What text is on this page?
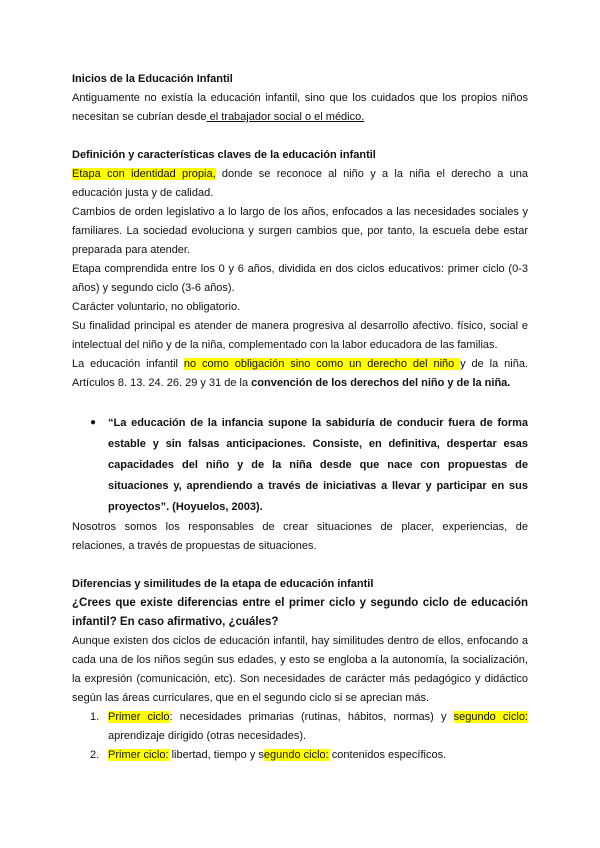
Inicios de la Educación Infantil

Antiguamente no existía la educación infantil, sino que los cuidados que los propios niños necesitan se cubrían desde el trabajador social o el médico.

Definición y características claves de la educación infantil

Etapa con identidad propia, donde se reconoce al niño y a la niña el derecho a una educación justa y de calidad.

Cambios de orden legislativo a lo largo de los años, enfocados a las necesidades sociales y familiares. La sociedad evoluciona y surgen cambios que, por tanto, la escuela debe estar preparada para atender.

Etapa comprendida entre los 0 y 6 años, dividida en dos ciclos educativos: primer ciclo (0-3 años) y segundo ciclo (3-6 años).

Carácter voluntario, no obligatorio.

Su finalidad principal es atender de manera progresiva al desarrollo afectivo. físico, social e intelectual del niño y de la niña, complementado con la labor educadora de las familias.

La educación infantil no como obligación sino como un derecho del niño y de la niña. Artículos 8. 13. 24. 26. 29 y 31 de la convención de los derechos del niño y de la niña.

●	“La educación de la infancia supone la sabiduría de conducir fuera de forma estable y sin falsas anticipaciones. Consiste, en definitiva, despertar esas capacidades del niño y de la niña desde que nace con propuestas de situaciones y, aprendiendo a través de iniciativas a llevar y participar en sus proyectos”. (Hoyuelos, 2003).

Nosotros somos los responsables de crear situaciones de placer, experiencias, de relaciones, a través de propuestas de situaciones.

Diferencias y similitudes de la etapa de educación infantil

¿Crees que existe diferencias entre el primer ciclo y segundo ciclo de educación infantil? En caso afirmativo, ¿cuáles?

Aunque existen dos ciclos de educación infantil, hay similitudes dentro de ellos, enfocando a cada una de los niños según sus edades, y esto se engloba a la autonomía, la socialización, la expresión (comunicación, etc). Son necesidades de carácter más pedagógico y didáctico según las áreas curriculares, que en el segundo ciclo si se aprecian más.

1. Primer ciclo: necesidades primarias (rutinas, hábitos, normas) y segundo ciclo: aprendizaje dirigido (otras necesidades).

2. Primer ciclo: libertad, tiempo y segundo ciclo: contenidos específicos.
